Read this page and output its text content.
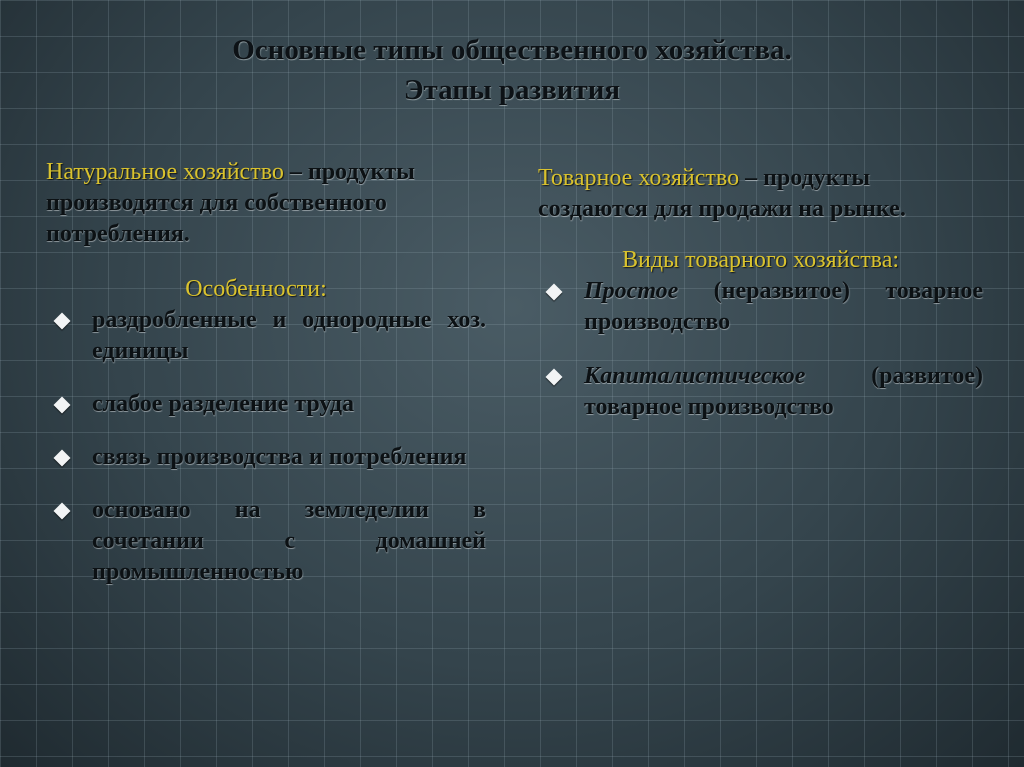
Основные типы общественного хозяйства.
Этапы развития
Натуральное хозяйство – продукты производятся для собственного потребления.
Особенности:
раздробленные и однородные хоз. единицы
слабое разделение труда
связь производства и потребления
основано на земледелии в сочетании с домашней промышленностью
Товарное хозяйство – продукты создаются для продажи на рынке.
Виды товарного хозяйства:
Простое (неразвитое) товарное производство
Капиталистическое	(развитое) товарное производство
